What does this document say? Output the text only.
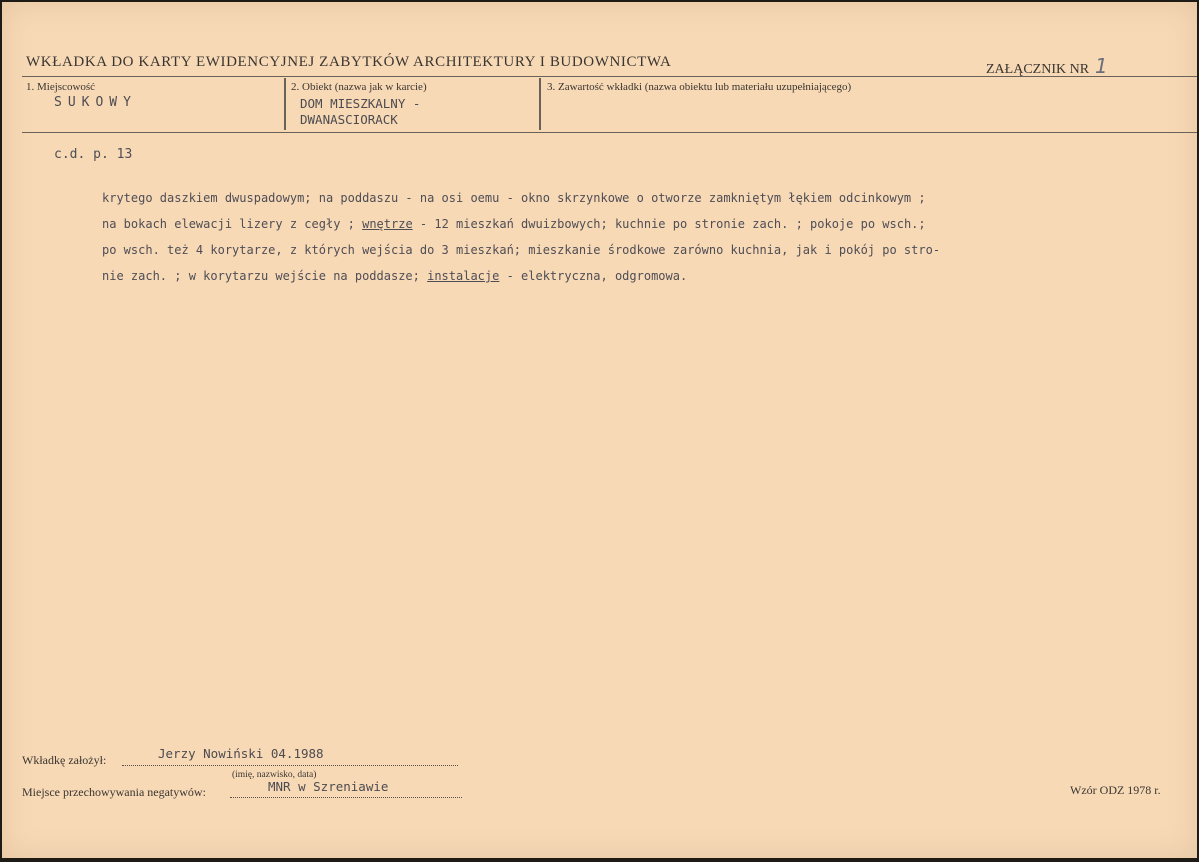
WKŁADKA DO KARTY EWIDENCYJNEJ ZABYTKÓW ARCHITEKTURY I BUDOWNICTWA	ZAŁĄCZNIK NR 1
1. Miejscowość
SUKOWY
2. Obiekt (nazwa jak w karcie)
DOM MIESZKALNY -
DWANASCIORACK
3. Zawartość wkładki (nazwa obiektu lub materiału uzupełniającego)
c.d. p. 13
krytego daszkiem dwuspadowym; na poddaszu - na osi oemu - okno skrzynkowe o otworze zamkniętym łękiem odcinkowym ;
na bokach elewacji lizery z cegły ; wnętrze - 12 mieszkań dwuizbowych; kuchnie po stronie zach. ; pokoje po wsch.;
po wsch. też 4 korytarze, z których wejścia do 3 mieszkań; mieszkanie środkowe zarówno kuchnia, jak i pokój po stro-
nie zach. ; w korytarzu wejście na poddasze; instalacje - elektryczna, odgromowa.
Wkładkę założył:	Jerzy Nowiński 04.1988
(imię, nazwisko, data)
Miejsce przechowywania negatywów:	MNR w Szreniawie	Wzór ODZ 1978 r.
